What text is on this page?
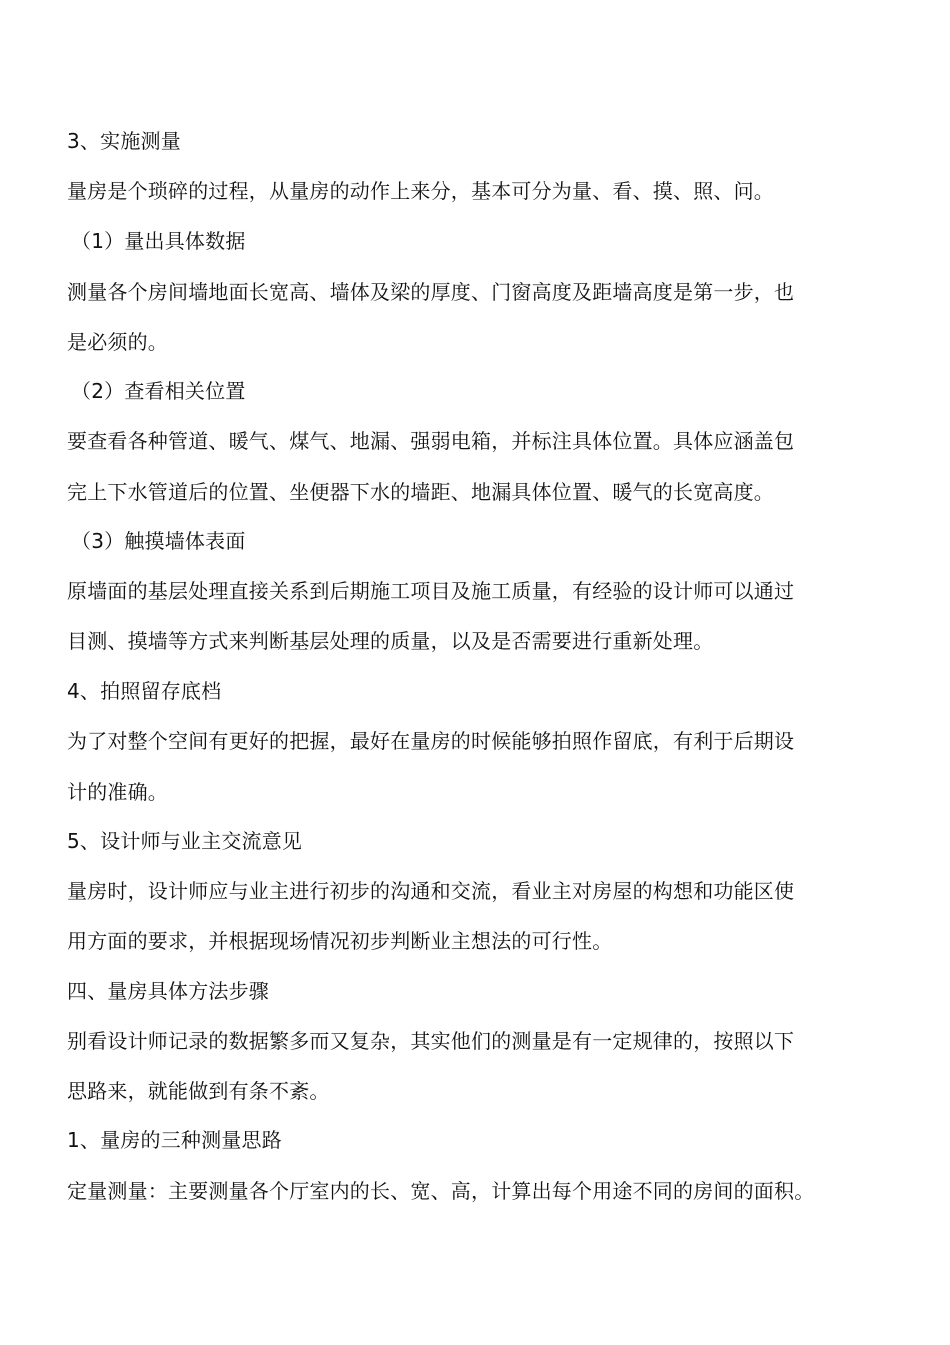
3、实施测量
量房是个琐碎的过程，从量房的动作上来分，基本可分为量、看、摸、照、问。
（1）量出具体数据
测量各个房间墙地面长宽高、墙体及梁的厚度、门窗高度及距墙高度是第一步，也
是必须的。
（2）查看相关位置
要查看各种管道、暖气、煤气、地漏、强弱电箱，并标注具体位置。具体应涵盖包
完上下水管道后的位置、坐便器下水的墙距、地漏具体位置、暖气的长宽高度。
（3）触摸墙体表面
原墙面的基层处理直接关系到后期施工项目及施工质量，有经验的设计师可以通过
目测、摸墙等方式来判断基层处理的质量，以及是否需要进行重新处理。
4、拍照留存底档
为了对整个空间有更好的把握，最好在量房的时候能够拍照作留底，有利于后期设
计的准确。
5、设计师与业主交流意见
量房时，设计师应与业主进行初步的沟通和交流，看业主对房屋的构想和功能区使
用方面的要求，并根据现场情况初步判断业主想法的可行性。
四、量房具体方法步骤
别看设计师记录的数据繁多而又复杂，其实他们的测量是有一定规律的，按照以下
思路来，就能做到有条不紊。
1、量房的三种测量思路
定量测量：主要测量各个厅室内的长、宽、高，计算出每个用途不同的房间的面积。
